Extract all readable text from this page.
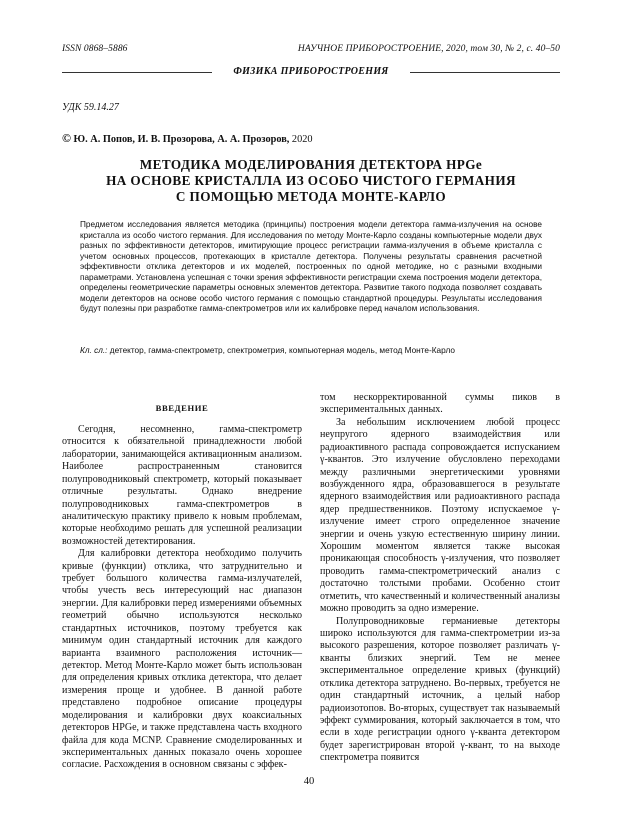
ISSN 0868–5886	НАУЧНОЕ ПРИБОРОСТРОЕНИЕ, 2020, том 30, № 2, с. 40–50
ФИЗИКА ПРИБОРОСТРОЕНИЯ
УДК 59.14.27
© Ю. А. Попов, И. В. Прозорова, А. А. Прозоров, 2020
МЕТОДИКА МОДЕЛИРОВАНИЯ ДЕТЕКТОРА HPGe
НА ОСНОВЕ КРИСТАЛЛА ИЗ ОСОБО ЧИСТОГО ГЕРМАНИЯ
С ПОМОЩЬЮ МЕТОДА МОНТЕ-КАРЛО

Предметом исследования является методика (принципы) построения модели детектора гамма-излучения на основе кристалла из особо чистого германия. Для исследования по методу Монте-Карло созданы компьютерные модели двух разных по эффективности детекторов, имитирующие процесс регистрации гамма-излучения в объеме кристалла с учетом основных процессов, протекающих в кристалле детектора. Получены результаты сравнения расчетной эффективности отклика детекторов и их моделей, построенных по одной методике, но с разными входными параметрами. Установлена успешная с точки зрения эффективности регистрации схема построения модели детектора, определены геометрические параметры основных элементов детектора. Развитие такого подхода позволяет создавать модели детекторов на основе особо чистого германия с помощью стандартной процедуры. Результаты исследования будут полезны при разработке гамма-спектрометров или их калибровке перед началом использования.

Кл. сл.: детектор, гамма-спектрометр, спектрометрия, компьютерная модель, метод Монте-Карло
ВВЕДЕНИЕ

Сегодня, несомненно, гамма-спектрометр относится к обязательной принадлежности любой лаборатории, занимающейся активационным анализом. Наиболее распространенным становится полупроводниковый спектрометр, который показывает отличные результаты. Однако внедрение полупроводниковых гамма-спектрометров в аналитическую практику привело к новым проблемам, которые необходимо решать для успешной реализации возможностей детектирования.

Для калибровки детектора необходимо получить кривые (функции) отклика, что затруднительно и требует большого количества гамма-излучателей, чтобы учесть весь интересующий нас диапазон энергии. Для калибровки перед измерениями объемных геометрий обычно используются несколько стандартных источников, поэтому требуется как минимум один стандартный источник для каждого варианта взаимного расположения источник—детектор. Метод Монте-Карло может быть использован для определения кривых отклика детектора, что делает измерения проще и удобнее. В данной работе представлено подробное описание процедуры моделирования и калибровки двух коаксиальных детекторов HPGe, и также представлена часть входного файла для кода MCNP. Сравнение смоделированных и экспериментальных данных показало очень хорошее согласие. Расхождения в основном связаны с эффек-

том нескорректированной суммы пиков в экспериментальных данных.

За небольшим исключением любой процесс неупругого ядерного взаимодействия или радиоактивного распада сопровождается испусканием γ-квантов. Это излучение обусловлено переходами между различными энергетическими уровнями возбужденного ядра, образовавшегося в результате ядерного взаимодействия или радиоактивного распада ядер предшественников. Поэтому испускаемое γ-излучение имеет строго определенное значение энергии и очень узкую естественную ширину линии. Хорошим моментом является также высокая проникающая способность γ-излучения, что позволяет проводить гамма-спектрометрический анализ с достаточно толстыми пробами. Особенно стоит отметить, что качественный и количественный анализы можно проводить за одно измерение.

Полупроводниковые германиевые детекторы широко используются для гамма-спектрометрии из-за высокого разрешения, которое позволяет различать γ-кванты близких энергий. Тем не менее экспериментальное определение кривых (функций) отклика детектора затруднено. Во-первых, требуется не один стандартный источник, а целый набор радиоизотопов. Во-вторых, существует так называемый эффект суммирования, который заключается в том, что если в ходе регистрации одного γ-кванта детектором будет зарегистрирован второй γ-квант, то на выходе спектрометра появится

40
